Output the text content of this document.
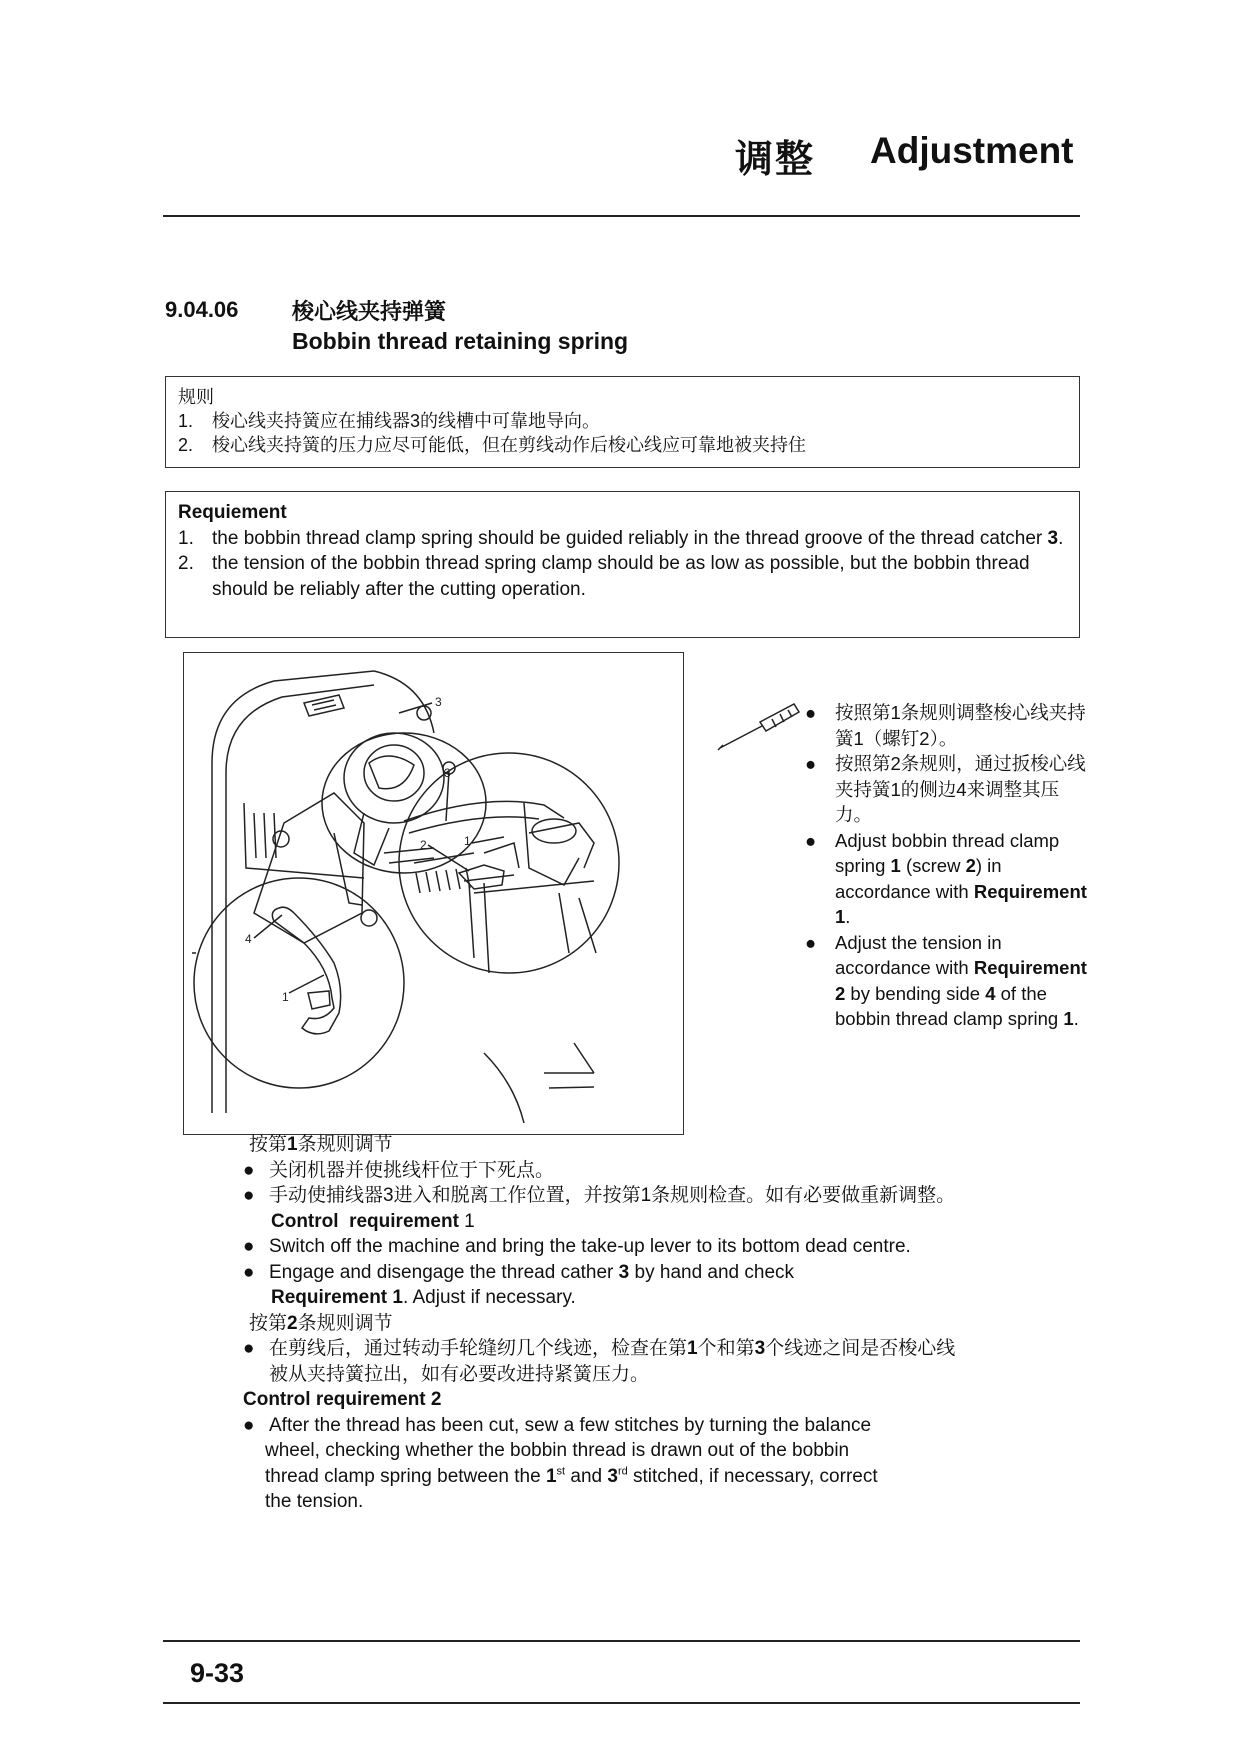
调整 Adjustment
9.04.06 梭心线夹持弹簧
Bobbin thread retaining spring
规则
1. 梭心线夹持簧应在捕线器3的线槽中可靠地导向。
2. 梭心线夹持簧的压力应尽可能低，但在剪线动作后梭心线应可靠地被夹持住
Requiement
1. the bobbin thread clamp spring should be guided reliably in the thread groove of the thread catcher 3.
2. the tension of the bobbin thread spring clamp should be as low as possible, but the bobbin thread should be reliably after the cutting operation.
3
3
2	1
4
1
● 按照第1条规则调整梭心线夹持簧1（螺钉2）。
● 按照第2条规则，通过扳梭心线夹持簧1的侧边4来调整其压力。
● Adjust bobbin thread clamp spring 1 (screw 2) in accordance with Requirement 1.
● Adjust the tension in accordance with Requirement 2 by bending side 4 of the bobbin thread clamp spring 1.
按第1条规则调节
● 关闭机器并使挑线杆位于下死点。
● 手动使捕线器3进入和脱离工作位置，并按第1条规则检查。如有必要做重新调整。
Control  requirement 1
● Switch off the machine and bring the take-up lever to its bottom dead centre.
● Engage and disengage the thread cather 3 by hand and check
Requirement 1. Adjust if necessary.
按第2条规则调节
● 在剪线后，通过转动手轮缝纫几个线迹，检查在第1个和第3个线迹之间是否梭心线
被从夹持簧拉出，如有必要改进持紧簧压力。
Control requirement 2
● After the thread has been cut, sew a few stitches by turning the balance
wheel, checking whether the bobbin thread is drawn out of the bobbin
thread clamp spring between the 1st and 3rd stitched, if necessary, correct
the tension.
9-33
